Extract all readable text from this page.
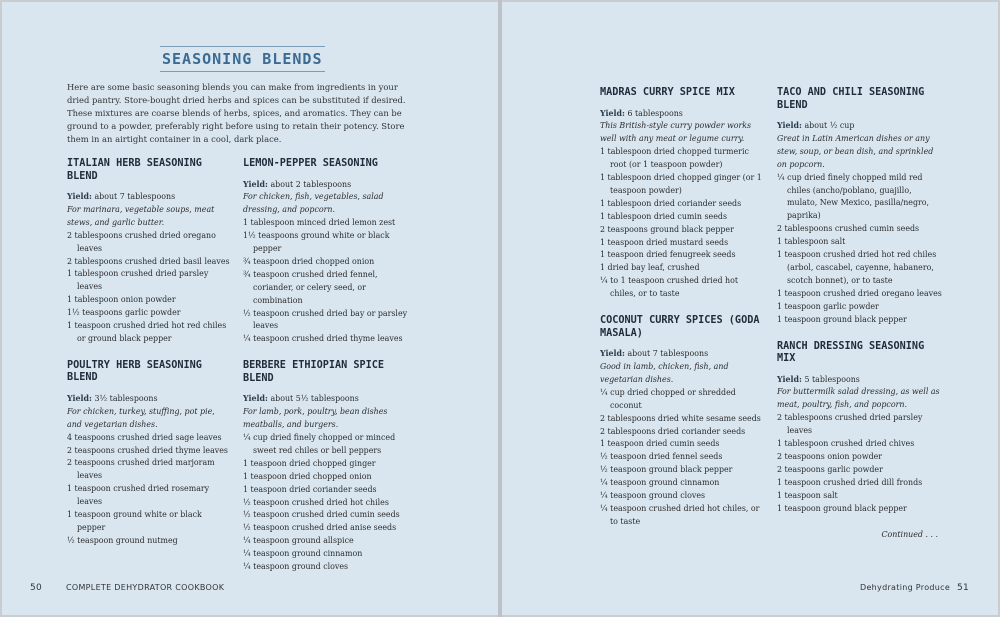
SEASONING BLENDS
Here are some basic seasoning blends you can make from ingredients in your dried pantry. Store-bought dried herbs and spices can be substituted if desired. These mixtures are coarse blends of herbs, spices, and aromatics. They can be ground to a powder, preferably right before using to retain their potency. Store them in an airtight container in a cool, dark place.
ITALIAN HERB SEASONING BLEND
Yield: about 7 tablespoons
For marinara, vegetable soups, meat stews, and garlic butter.
2 tablespoons crushed dried oregano leaves
2 tablespoons crushed dried basil leaves
1 tablespoon crushed dried parsley leaves
1 tablespoon onion powder
1½ teaspoons garlic powder
1 teaspoon crushed dried hot red chiles or ground black pepper
POULTRY HERB SEASONING BLEND
Yield: 3½ tablespoons
For chicken, turkey, stuffing, pot pie, and vegetarian dishes.
4 teaspoons crushed dried sage leaves
2 teaspoons crushed dried thyme leaves
2 teaspoons crushed dried marjoram leaves
1 teaspoon crushed dried rosemary leaves
1 teaspoon ground white or black pepper
½ teaspoon ground nutmeg
LEMON-PEPPER SEASONING
Yield: about 2 tablespoons
For chicken, fish, vegetables, salad dressing, and popcorn.
1 tablespoon minced dried lemon zest
1½ teaspoons ground white or black pepper
¾ teaspoon dried chopped onion
¾ teaspoon crushed dried fennel, coriander, or celery seed, or combination
½ teaspoon crushed dried bay or parsley leaves
¼ teaspoon crushed dried thyme leaves
BERBERE ETHIOPIAN SPICE BLEND
Yield: about 5½ tablespoons
For lamb, pork, poultry, bean dishes meatballs, and burgers.
¼ cup dried finely chopped or minced sweet red chiles or bell peppers
1 teaspoon dried chopped ginger
1 teaspoon dried chopped onion
1 teaspoon dried coriander seeds
½ teaspoon crushed dried hot chiles
½ teaspoon crushed dried cumin seeds
½ teaspoon crushed dried anise seeds
¼ teaspoon ground allspice
¼ teaspoon ground cinnamon
¼ teaspoon ground cloves
MADRAS CURRY SPICE MIX
Yield: 6 tablespoons
This British-style curry powder works well with any meat or legume curry.
1 tablespoon dried chopped turmeric root (or 1 teaspoon powder)
1 tablespoon dried chopped ginger (or 1 teaspoon powder)
1 tablespoon dried coriander seeds
1 tablespoon dried cumin seeds
2 teaspoons ground black pepper
1 teaspoon dried mustard seeds
1 teaspoon dried fenugreek seeds
1 dried bay leaf, crushed
¼ to 1 teaspoon crushed dried hot chiles, or to taste
COCONUT CURRY SPICES (GODA MASALA)
Yield: about 7 tablespoons
Good in lamb, chicken, fish, and vegetarian dishes.
¼ cup dried chopped or shredded coconut
2 tablespoons dried white sesame seeds
2 tablespoons dried coriander seeds
1 teaspoon dried cumin seeds
½ teaspoon dried fennel seeds
½ teaspoon ground black pepper
¼ teaspoon ground cinnamon
¼ teaspoon ground cloves
¼ teaspoon crushed dried hot chiles, or to taste
TACO AND CHILI SEASONING BLEND
Yield: about ½ cup
Great in Latin American dishes or any stew, soup, or bean dish, and sprinkled on popcorn.
¼ cup dried finely chopped mild red chiles (ancho/poblano, guajillo, mulato, New Mexico, pasilla/negro, paprika)
2 tablespoons crushed cumin seeds
1 tablespoon salt
1 teaspoon crushed dried hot red chiles (arbol, cascabel, cayenne, habanero, scotch bonnet), or to taste
1 teaspoon crushed dried oregano leaves
1 teaspoon garlic powder
1 teaspoon ground black pepper
RANCH DRESSING SEASONING MIX
Yield: 5 tablespoons
For buttermilk salad dressing, as well as meat, poultry, fish, and popcorn.
2 tablespoons crushed dried parsley leaves
1 tablespoon crushed dried chives
2 teaspoons onion powder
2 teaspoons garlic powder
1 teaspoon crushed dried dill fronds
1 teaspoon salt
1 teaspoon ground black pepper
Continued . . .
50	COMPLETE DEHYDRATOR COOKBOOK	Dehydrating Produce 51
